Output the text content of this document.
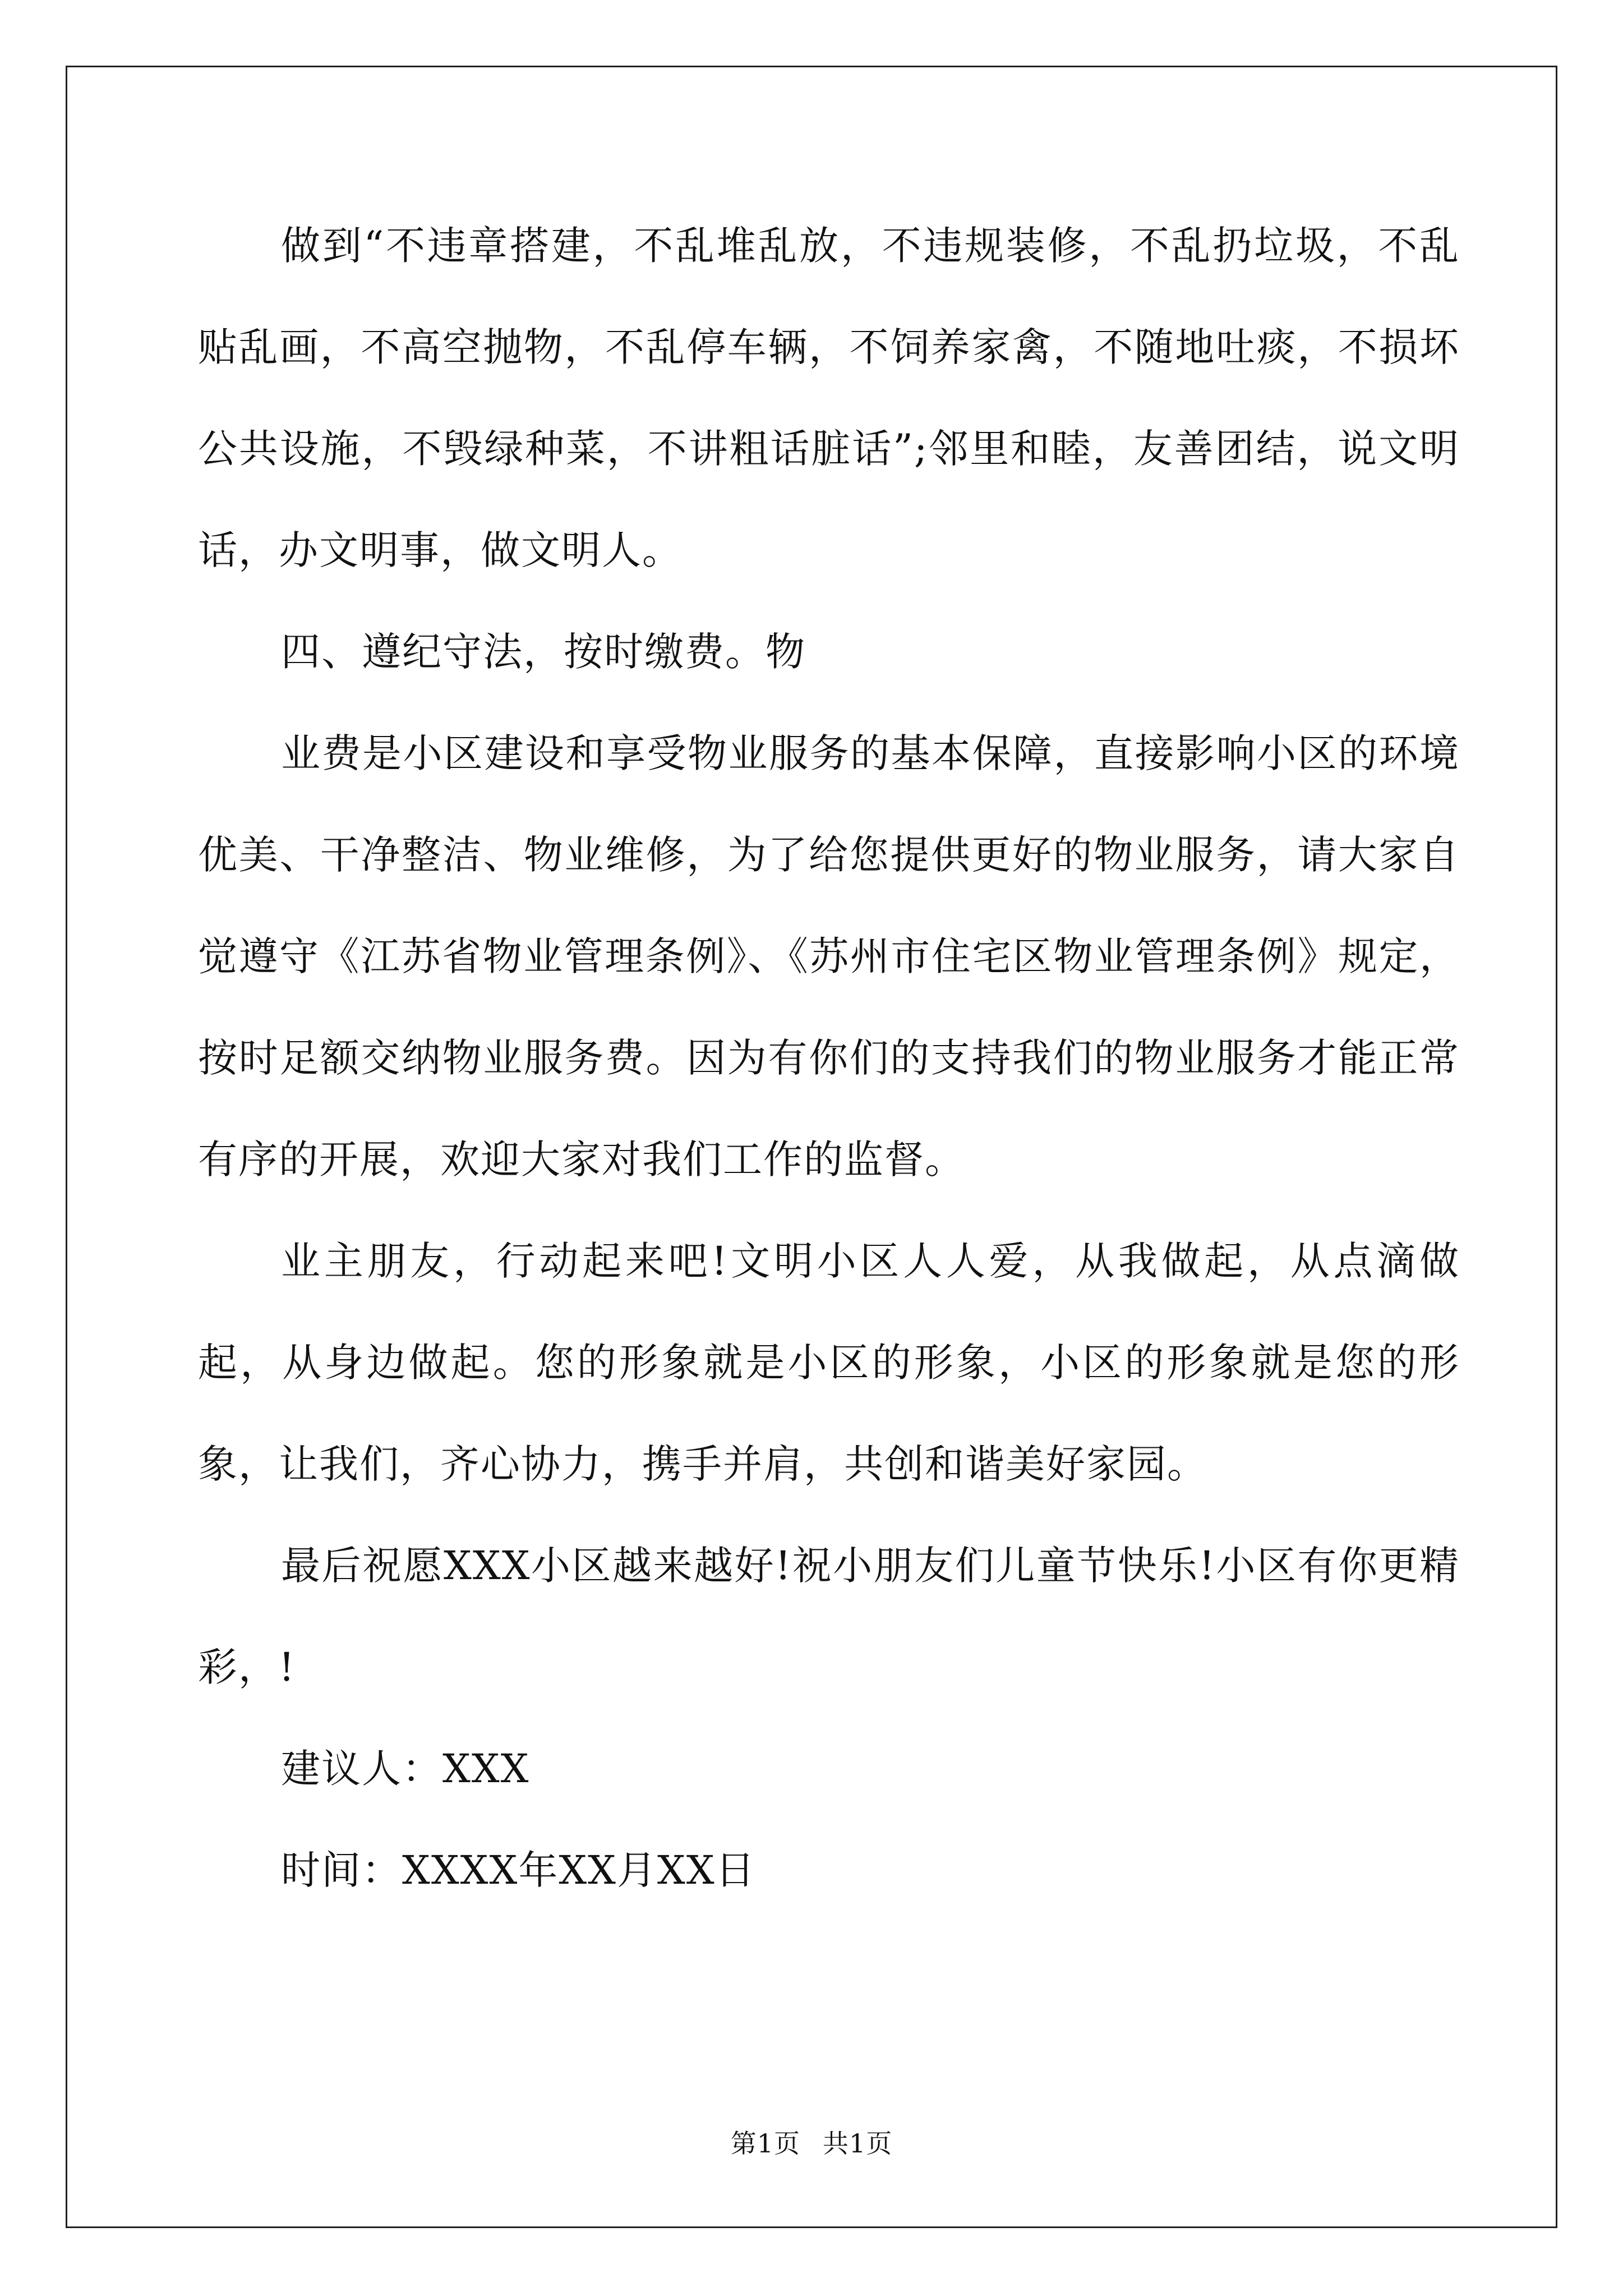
做到“不违章搭建，不乱堆乱放，不违规装修，不乱扔垃圾，不乱贴乱画，不高空抛物，不乱停车辆，不饲养家禽，不随地吐痰，不损坏公共设施，不毁绿种菜，不讲粗话脏话”;邻里和睦，友善团结，说文明话，办文明事，做文明人。

四、遵纪守法，按时缴费。物

业费是小区建设和享受物业服务的基本保障，直接影响小区的环境优美、干净整洁、物业维修，为了给您提供更好的物业服务，请大家自觉遵守《江苏省物业管理条例》、《苏州市住宅区物业管理条例》规定，按时足额交纳物业服务费。因为有你们的支持我们的物业服务才能正常有序的开展，欢迎大家对我们工作的监督。

业主朋友，行动起来吧!文明小区人人爱，从我做起，从点滴做起，从身边做起。您的形象就是小区的形象，小区的形象就是您的形象，让我们，齐心协力，携手并肩，共创和谐美好家园。

最后祝愿XXX小区越来越好!祝小朋友们儿童节快乐!小区有你更精彩，!

建议人：XXX

时间：XXXX年XX月XX日

第1页 共1页
